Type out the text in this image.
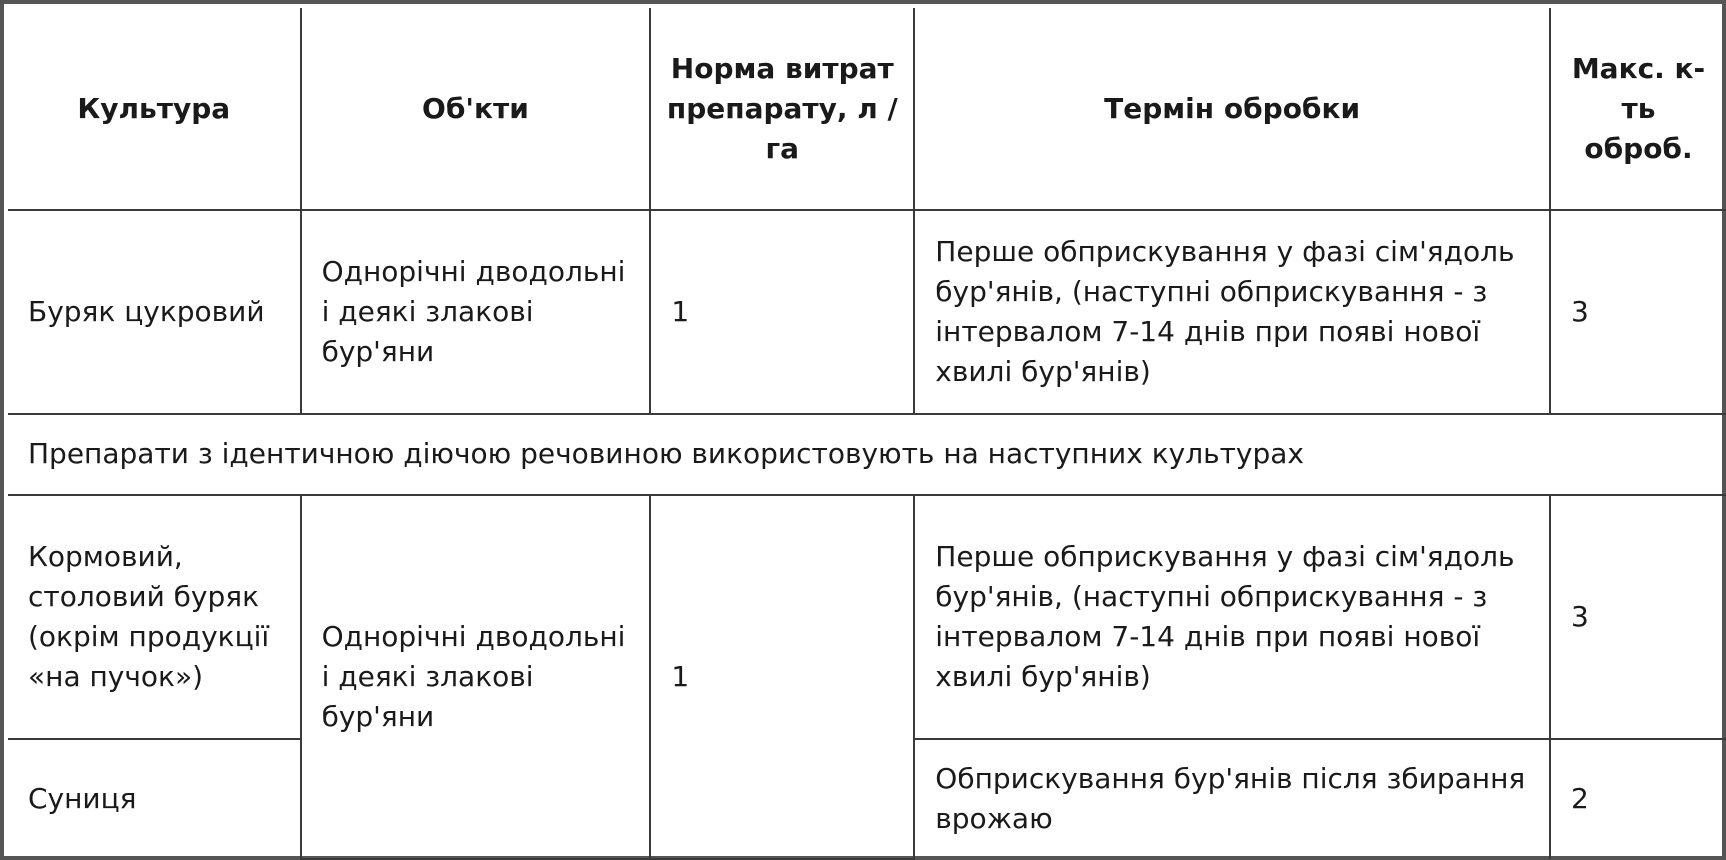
Культура	Об'кти	Норма витрат препарату, л / га	Термін обробки	Макс. к-ть оброб.
Буряк цукровий	Однорічні дводольні і деякі злакові бур'яни	1	Перше обприскування у фазі сім'ядоль бур'янів, (наступні обприскування - з інтервалом 7-14 днів при появі нової хвилі бур'янів)	3
Препарати з ідентичною діючою речовиною використовують на наступних культурах				
Кормовий, столовий буряк (окрім продукції «на пучок»)	Однорічні дводольні і деякі злакові бур'яни	1	Перше обприскування у фазі сім'ядоль бур'янів, (наступні обприскування - з інтервалом 7-14 днів при появі нової хвилі бур'янів)	3
Суниця			Обприскування бур'янів після збирання врожаю	2
